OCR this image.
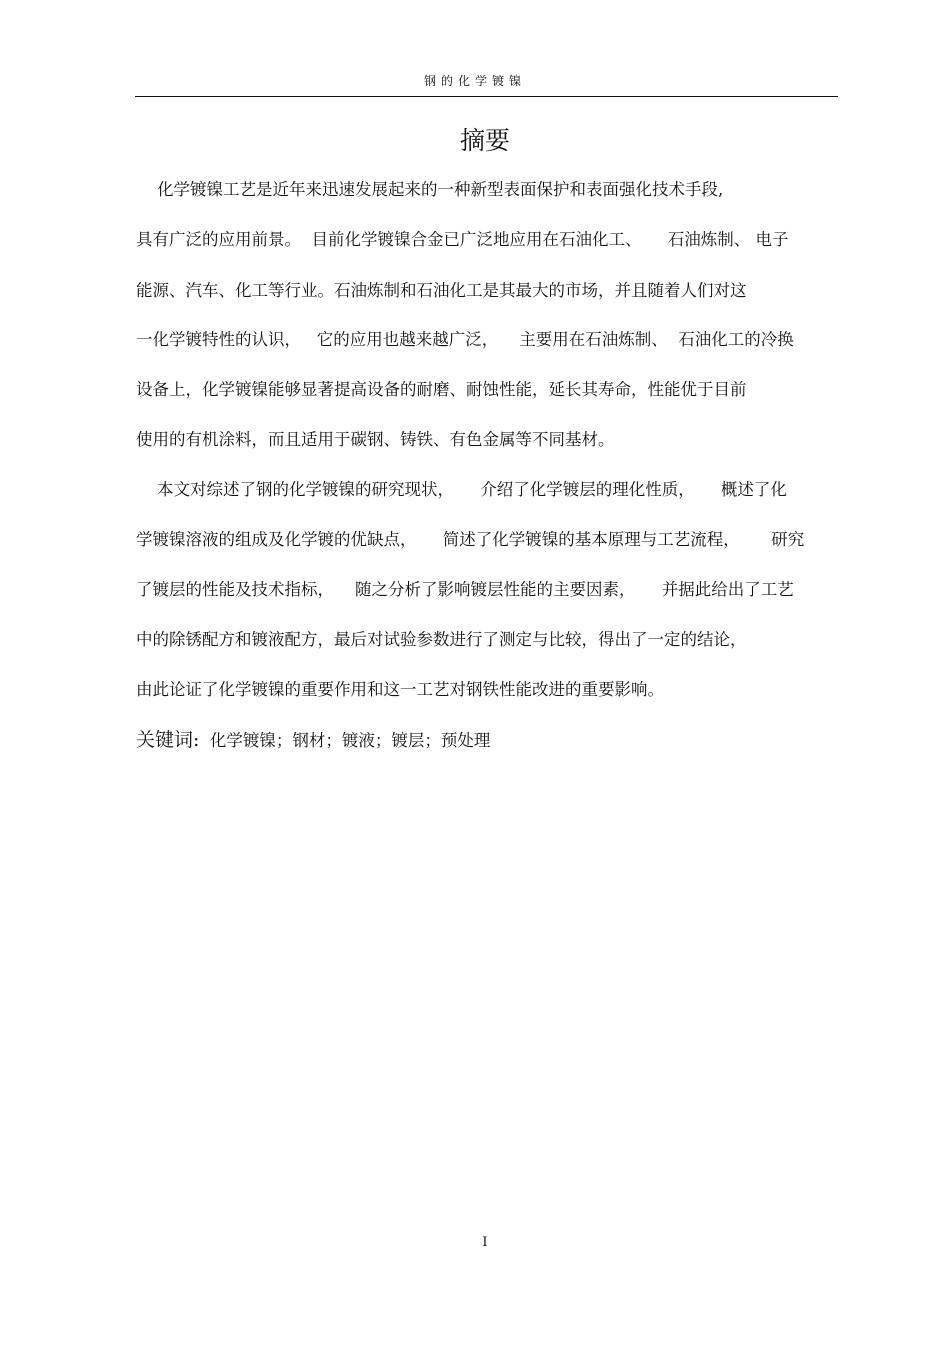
钢的化学镀镍
摘要
化学镀镍工艺是近年来迅速发展起来的一种新型表面保护和表面强化技术手段,
具有广泛的应用前景。  目前化学镀镍合金已广泛地应用在石油化工、     石油炼制、 电子
能源、汽车、化工等行业。石油炼制和石油化工是其最大的市场，并且随着人们对这
一化学镀特性的认识，   它的应用也越来越广泛，    主要用在石油炼制、  石油化工的冷换
设备上，化学镀镍能够显著提高设备的耐磨、耐蚀性能，延长其寿命，性能优于目前
使用的有机涂料，而且适用于碳钢、铸铁、有色金属等不同基材。
本文对综述了钢的化学镀镍的研究现状，     介绍了化学镀层的理化性质，     概述了化
学镀镍溶液的组成及化学镀的优缺点，     简述了化学镀镍的基本原理与工艺流程，      研究
了镀层的性能及技术指标，    随之分析了影响镀层性能的主要因素，     并据此给出了工艺
中的除锈配方和镀液配方，最后对试验参数进行了测定与比较，得出了一定的结论，
由此论证了化学镀镍的重要作用和这一工艺对钢铁性能改进的重要影响。
关键词:  化学镀镍；钢材；镀液；镀层；预处理
I
